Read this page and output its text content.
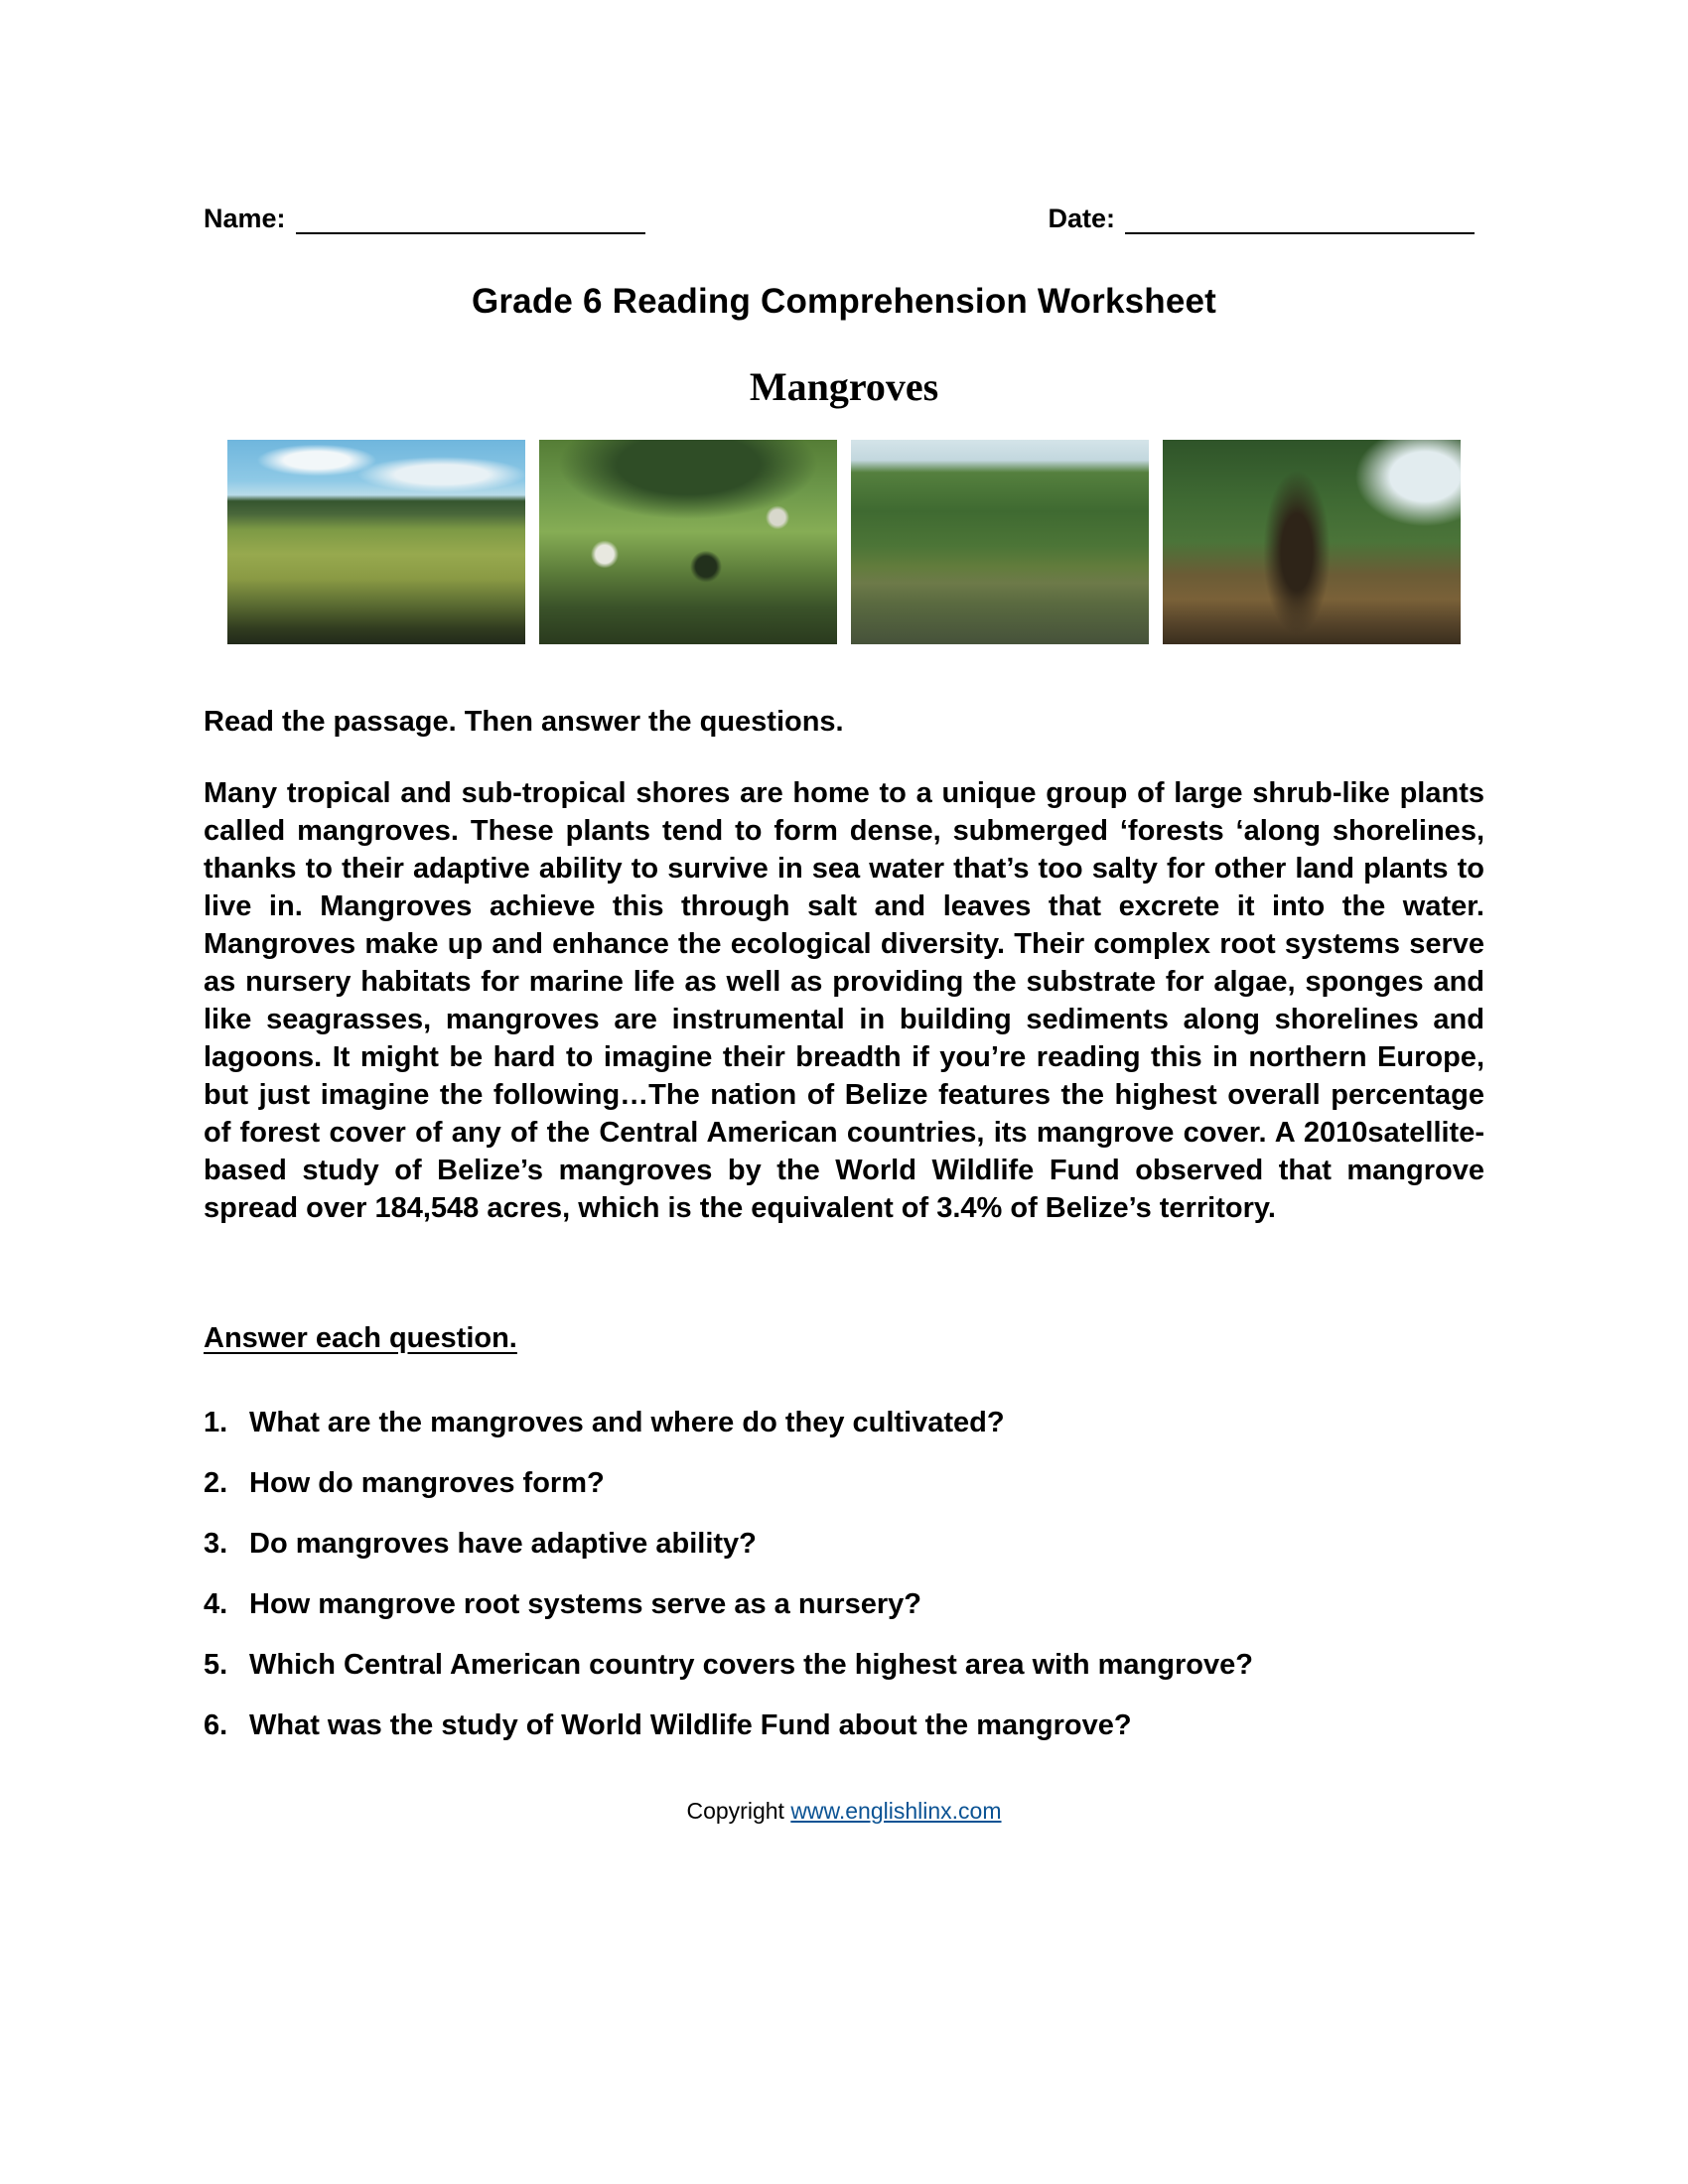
Name:	Date:
Grade 6 Reading Comprehension Worksheet
Mangroves
Read the passage. Then answer the questions.
Many tropical and sub-tropical shores are home to a unique group of large shrub-like plants called mangroves. These plants tend to form dense, submerged ‘forests ‘along shorelines, thanks to their adaptive ability to survive in sea water that’s too salty for other land plants to live in. Mangroves achieve this through salt and leaves that excrete it into the water. Mangroves make up and enhance the ecological diversity. Their complex root systems serve as nursery habitats for marine life as well as providing the substrate for algae, sponges and like seagrasses, mangroves are instrumental in building sediments along shorelines and lagoons. It might be hard to imagine their breadth if you’re reading this in northern Europe, but just imagine the following…The nation of Belize features the highest overall percentage of forest cover of any of the Central American countries, its mangrove cover. A 2010satellite-based study of Belize’s mangroves by the World Wildlife Fund observed that mangrove spread over 184,548 acres, which is the equivalent of 3.4% of Belize’s territory.
Answer each question.
1. What are the mangroves and where do they cultivated?
2. How do mangroves form?
3. Do mangroves have adaptive ability?
4. How mangrove root systems serve as a nursery?
5. Which Central American country covers the highest area with mangrove?
6. What was the study of World Wildlife Fund about the mangrove?
Copyright www.englishlinx.com
